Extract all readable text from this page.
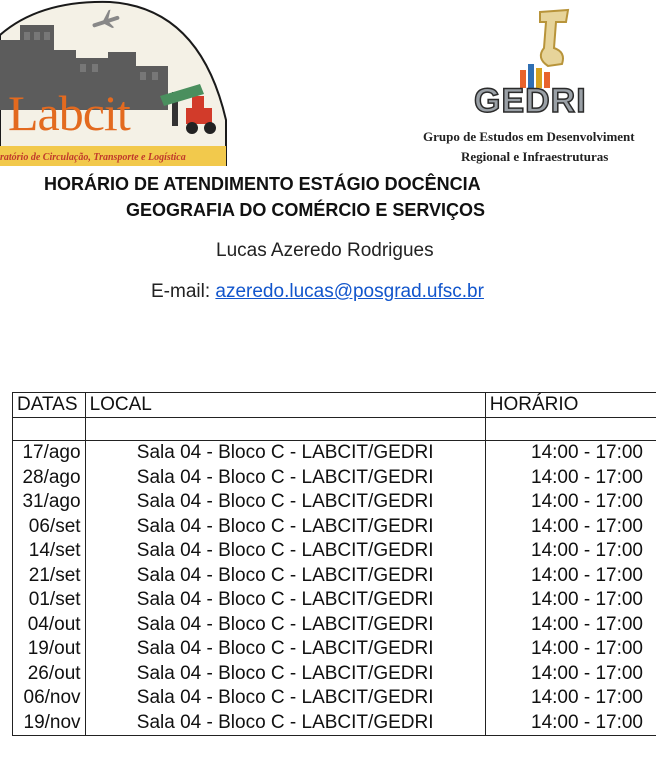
Labcit
ratório de Circulação, Transporte e Logística
GEDRI
Grupo de Estudos em Desenvolviment
Regional e Infraestruturas
HORÁRIO DE ATENDIMENTO ESTÁGIO DOCÊNCIA
GEOGRAFIA DO COMÉRCIO E SERVIÇOS
Lucas Azeredo Rodrigues
E-mail: azeredo.lucas@posgrad.ufsc.br
DATAS	LOCAL	HORÁRIO

17/ago	Sala 04 - Bloco C - LABCIT/GEDRI	14:00 - 17:00
28/ago	Sala 04 - Bloco C - LABCIT/GEDRI	14:00 - 17:00
31/ago	Sala 04 - Bloco C - LABCIT/GEDRI	14:00 - 17:00
06/set	Sala 04 - Bloco C - LABCIT/GEDRI	14:00 - 17:00
14/set	Sala 04 - Bloco C - LABCIT/GEDRI	14:00 - 17:00
21/set	Sala 04 - Bloco C - LABCIT/GEDRI	14:00 - 17:00
01/set	Sala 04 - Bloco C - LABCIT/GEDRI	14:00 - 17:00
04/out	Sala 04 - Bloco C - LABCIT/GEDRI	14:00 - 17:00
19/out	Sala 04 - Bloco C - LABCIT/GEDRI	14:00 - 17:00
26/out	Sala 04 - Bloco C - LABCIT/GEDRI	14:00 - 17:00
06/nov	Sala 04 - Bloco C - LABCIT/GEDRI	14:00 - 17:00
19/nov	Sala 04 - Bloco C - LABCIT/GEDRI	14:00 - 17:00
